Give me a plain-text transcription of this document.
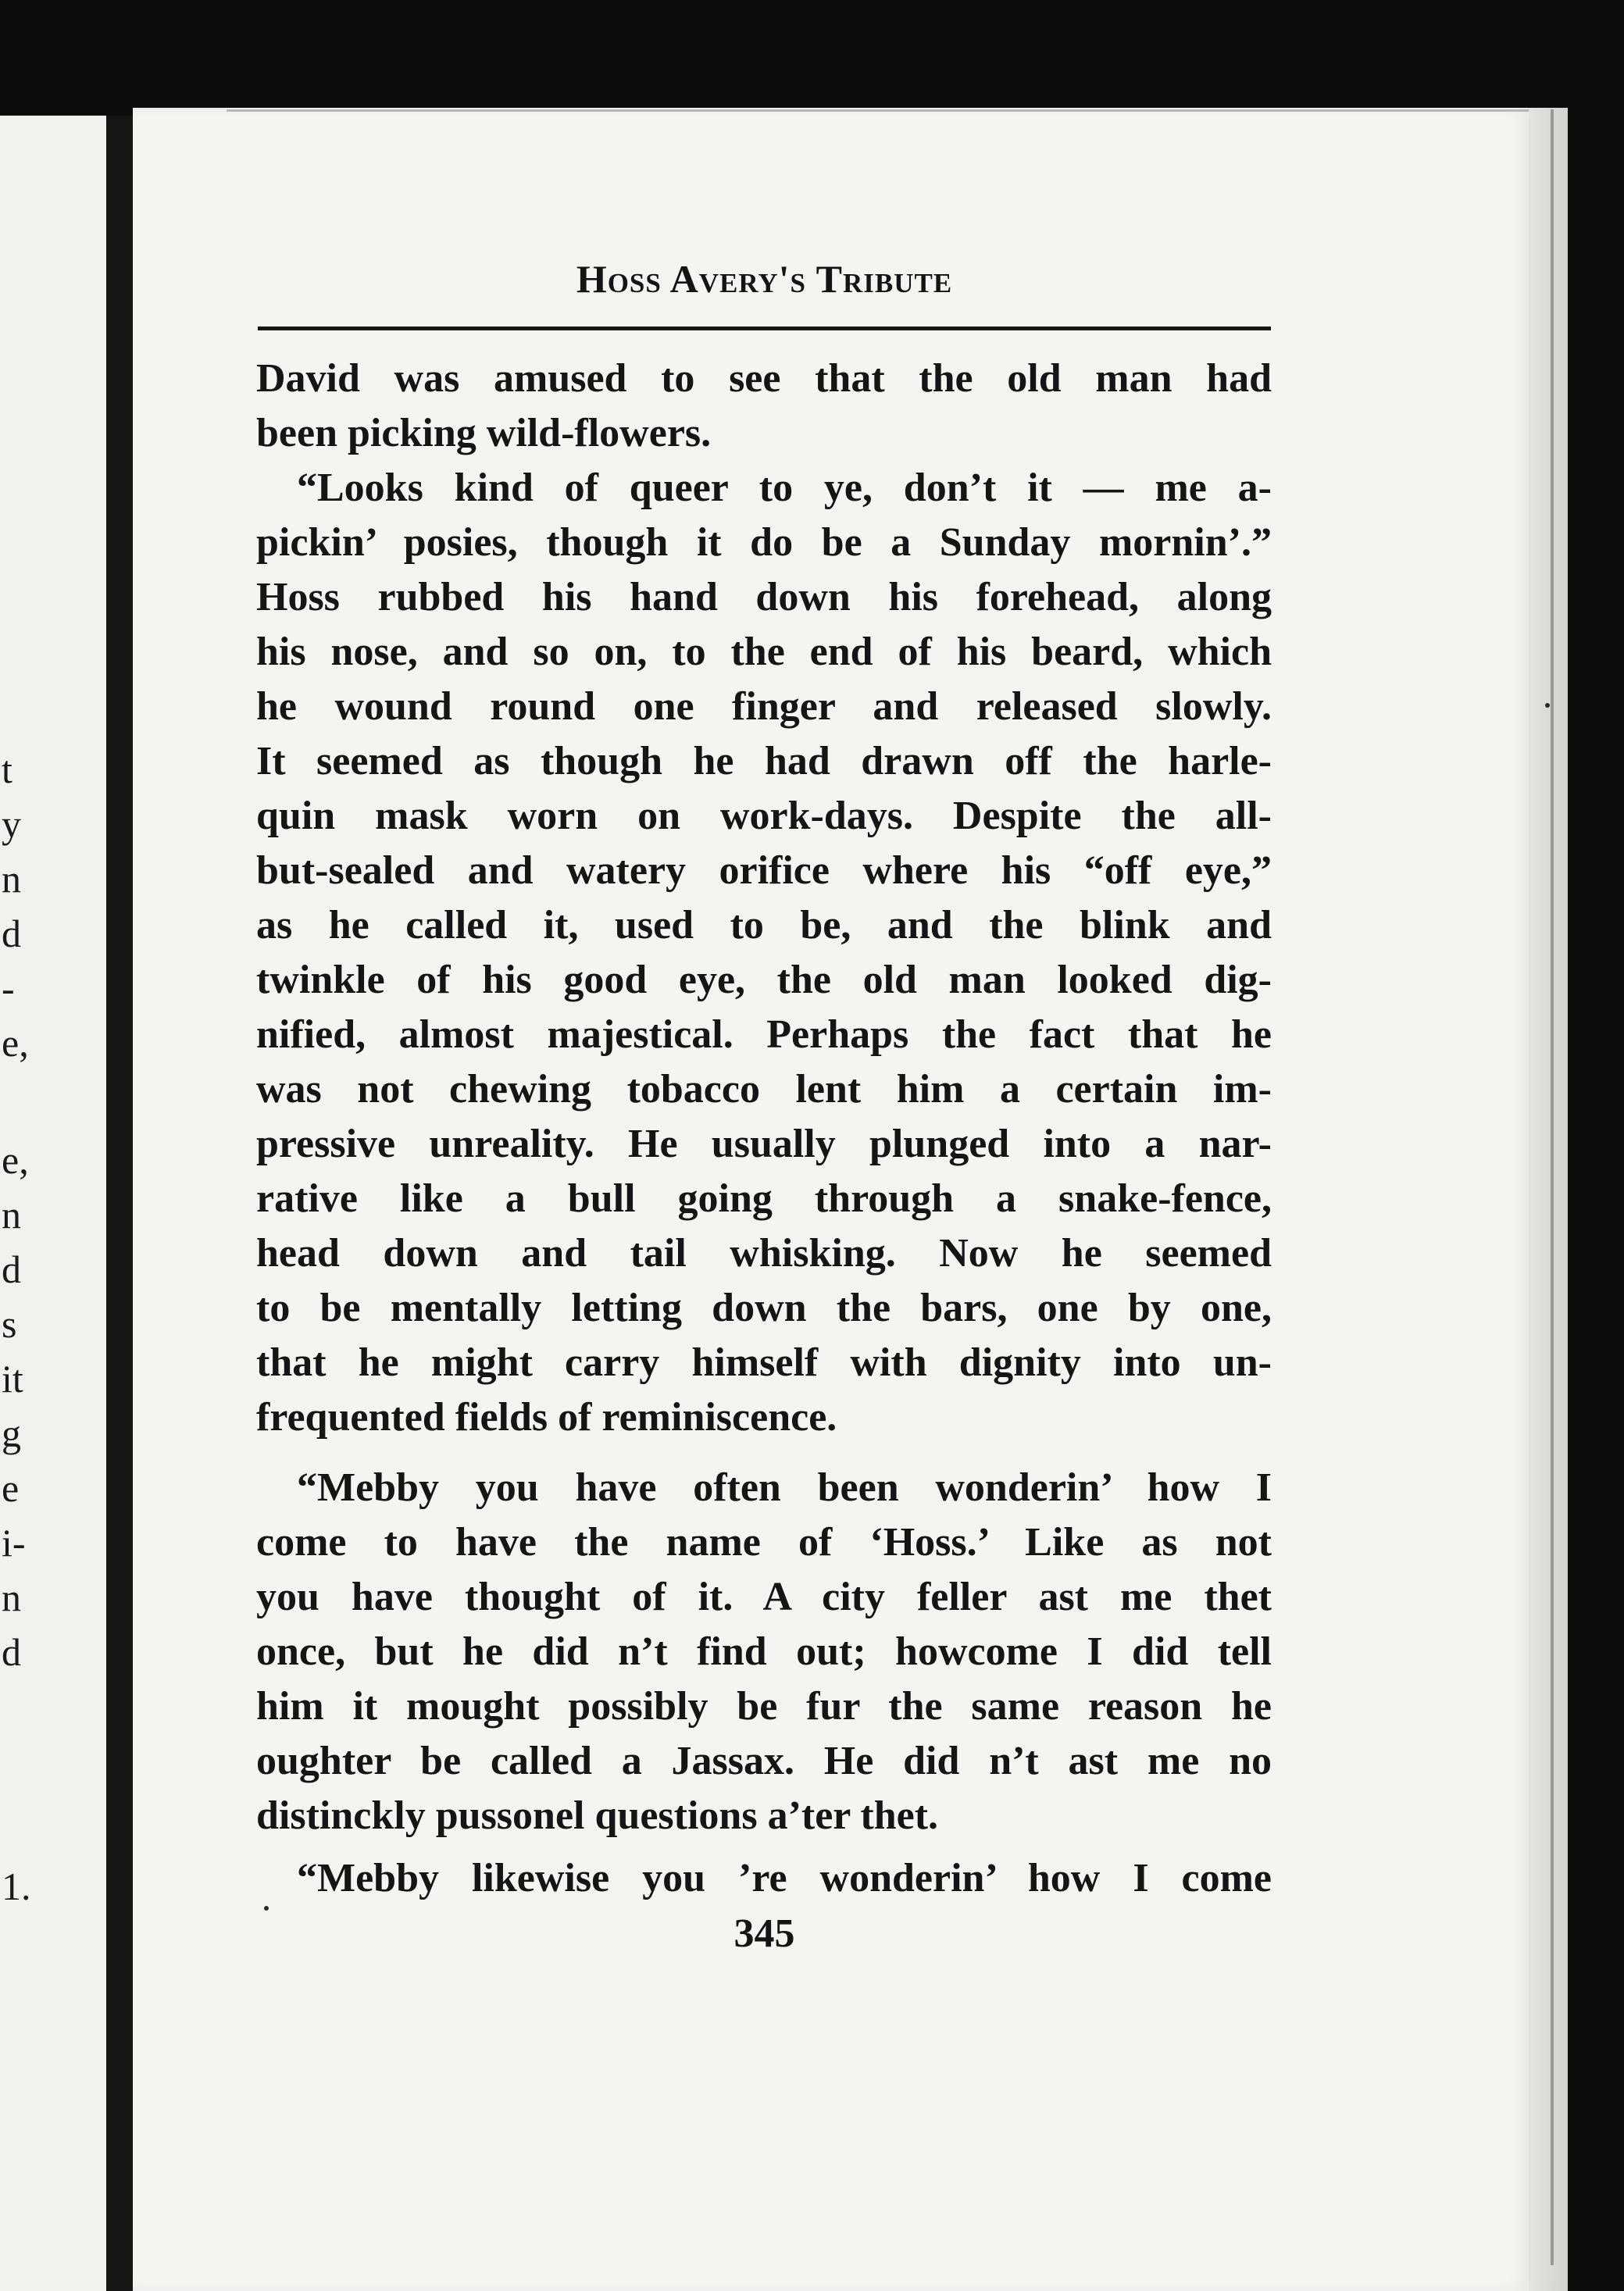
t
y
n
d
-
e,
e,
n
d
s
it
g
e
i-
n
d
1.
Hoss Avery's Tribute
David was amused to see that the old man had
been picking wild-flowers.
“Looks kind of queer to ye, don’t it — me a-
pickin’ posies, though it do be a Sunday mornin’.”
Hoss rubbed his hand down his forehead, along
his nose, and so on, to the end of his beard, which
he wound round one finger and released slowly.
It seemed as though he had drawn off the harle-
quin mask worn on work-days. Despite the all-
but-sealed and watery orifice where his “off eye,”
as he called it, used to be, and the blink and
twinkle of his good eye, the old man looked dig-
nified, almost majestical. Perhaps the fact that he
was not chewing tobacco lent him a certain im-
pressive unreality. He usually plunged into a nar-
rative like a bull going through a snake-fence,
head down and tail whisking. Now he seemed
to be mentally letting down the bars, one by one,
that he might carry himself with dignity into un-
frequented fields of reminiscence.
“Mebby you have often been wonderin’ how I
come to have the name of ‘Hoss.’ Like as not
you have thought of it. A city feller ast me thet
once, but he did n’t find out; howcome I did tell
him it mought possibly be fur the same reason he
oughter be called a Jassax. He did n’t ast me no
distinckly pussonel questions a’ter thet.
“Mebby likewise you ’re wonderin’ how I come
345
